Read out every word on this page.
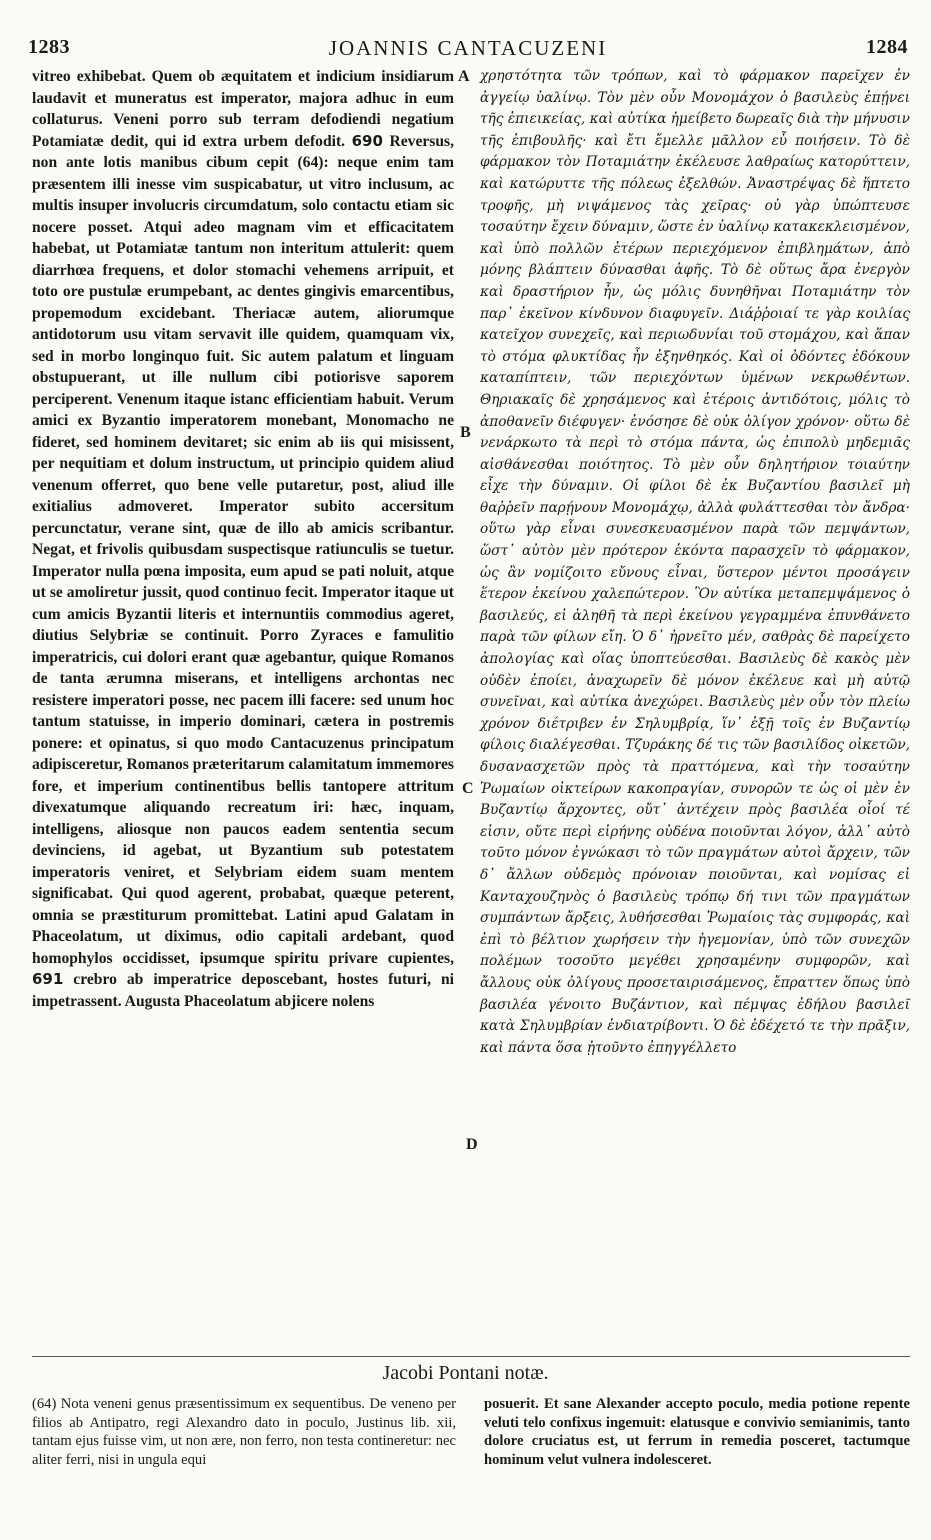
1283	JOANNIS CANTACUZENI	1284
vitreo exhibebat. Quem ob æquitatem et indicium insidiarum laudavit et muneratus est imperator, majora adhuc in eum collaturus. Veneni porro sub terram defodiendi negatium Potamiatæ dedit, qui id extra urbem defodit. 690 Reversus, non ante lotis manibus cibum cepit (64): neque enim tam præsentem illi inesse vim suspicabatur, ut vitro inclusum, ac multis insuper involucris circumdatum, solo contactu etiam sic nocere posset. Atqui adeo magnam vim et efficacitatem habebat, ut Potamiatæ tantum non interitum attulerit: quem diarrhœa frequens, et dolor stomachi vehemens arripuit, et toto ore pustulæ erumpebant, ac dentes gingivis emarcentibus, propemodum excidebant. Theriacæ autem, aliorumque antidotorum usu vitam servavit ille quidem, quamquam vix, sed in morbo longinquo fuit. Sic autem palatum et linguam obstupuerant, ut ille nullum cibi potiorisve saporem perciperent. Venenum itaque istanc efficientiam habuit. Verum amici ex Byzantio imperatorem monebant, Monomacho ne fideret, sed hominem devitaret; sic enim ab iis qui misissent, per nequitiam et dolum instructum, ut principio quidem aliud venenum offerret, quo bene velle putaretur, post, aliud ille exitialius admoveret. Imperator subito accersitum percunctatur, verane sint, quæ de illo ab amicis scribantur. Negat, et frivolis quibusdam suspectisque ratiunculis se tuetur. Imperator nulla pœna imposita, eum apud se pati noluit, atque ut se amoliretur jussit, quod continuo fecit. Imperator itaque ut cum amicis Byzantii literis et internuntiis commodius ageret, diutius Selybriæ se continuit. Porro Zyraces e famulitio imperatricis, cui dolori erant quæ agebantur, quique Romanos de tanta ærumna miserans, et intelligens archontas nec resistere imperatori posse, nec pacem illi facere: sed unum hoc tantum statuisse, in imperio dominari, cætera in postremis ponere: et opinatus, si quo modo Cantacuzenus principatum adipisceretur, Romanos præteritarum calamitatum immemores fore, et imperium continentibus bellis tantopere attritum divexatumque aliquando recreatum iri: hæc, inquam, intelligens, aliosque non paucos eadem sententia secum devinciens, id agebat, ut Byzantium sub potestatem imperatoris veniret, et Selybriam eidem suam mentem significabat. Qui quod agerent, probabat, quæque peterent, omnia se præstiturum promittebat. Latini apud Galatam in Phaceolatum, ut diximus, odio capitali ardebant, quod homophylos occidisset, ipsumque spiritu privare cupientes, 691 crebro ab imperatrice deposcebant, hostes futuri, ni impetrassent. Augusta Phaceolatum abjicere nolens
A
B
C
D
χρηστότητα τῶν τρόπων, καὶ τὸ φάρμακον παρεῖχεν ἐν ἀγγείῳ ὑαλίνῳ. Τὸν μὲν οὖν Μονομάχον ὁ βασιλεὺς ἐπῄνει τῆς ἐπιεικείας, καὶ αὐτίκα ἠμείβετο δωρεαῖς διὰ τὴν μήνυσιν τῆς ἐπιβουλῆς· καὶ ἔτι ἔμελλε μᾶλλον εὖ ποιήσειν. Τὸ δὲ φάρμακον τὸν Ποταμιάτην ἐκέλευσε λαθραίως κατορύττειν, καὶ κατώρυττε τῆς πόλεως ἐξελθών. Ἀναστρέψας δὲ ἥπτετο τροφῆς, μὴ νιψάμενος τὰς χεῖρας· οὐ γὰρ ὑπώπτευσε τοσαύτην ἔχειν δύναμιν, ὥστε ἐν ὑαλίνῳ κατακεκλεισμένον, καὶ ὑπὸ πολλῶν ἑτέρων περιεχόμενον ἐπιβλημάτων, ἀπὸ μόνης βλάπτειν δύνασθαι ἁφῆς. Τὸ δὲ οὕτως ἄρα ἐνεργὸν καὶ δραστήριον ἦν, ὡς μόλις δυνηθῆναι Ποταμιάτην τὸν παρ᾽ ἐκεῖνον κίνδυνον διαφυγεῖν. Διάῤῥοιαί τε γὰρ κοιλίας κατεῖχον συνεχεῖς, καὶ περιωδυνίαι τοῦ στομάχου, καὶ ἅπαν τὸ στόμα φλυκτίδας ἦν ἐξηνθηκός. Καὶ οἱ ὀδόντες ἐδόκουν καταπίπτειν, τῶν περιεχόντων ὑμένων νεκρωθέντων. Θηριακαῖς δὲ χρησάμενος καὶ ἑτέροις ἀντιδότοις, μόλις τὸ ἀποθανεῖν διέφυγεν· ἐνόσησε δὲ οὐκ ὀλίγον χρόνον· οὕτω δὲ νενάρκωτο τὰ περὶ τὸ στόμα πάντα, ὡς ἐπιπολὺ μηδεμιᾶς αἰσθάνεσθαι ποιότητος. Τὸ μὲν οὖν δηλητήριον τοιαύτην εἶχε τὴν δύναμιν. Οἱ φίλοι δὲ ἐκ Βυζαντίου βασιλεῖ μὴ θαῤῥεῖν παρῄνουν Μονομάχῳ, ἀλλὰ φυλάττεσθαι τὸν ἄνδρα· οὕτω γὰρ εἶναι συνεσκευασμένον παρὰ τῶν πεμψάντων, ὥστ᾽ αὐτὸν μὲν πρότερον ἑκόντα παρασχεῖν τὸ φάρμακον, ὡς ἂν νομίζοιτο εὔνους εἶναι, ὕστερον μέντοι προσάγειν ἕτερον ἐκείνου χαλεπώτερον. Ὃν αὐτίκα μεταπεμψάμενος ὁ βασιλεύς, εἰ ἀληθῆ τὰ περὶ ἐκείνου γεγραμμένα ἐπυνθάνετο παρὰ τῶν φίλων εἴη. Ὁ δ᾽ ἠρνεῖτο μέν, σαθρὰς δὲ παρείχετο ἀπολογίας καὶ οἵας ὑποπτεύεσθαι. Βασιλεὺς δὲ κακὸς μὲν οὐδὲν ἐποίει, ἀναχωρεῖν δὲ μόνον ἐκέλευε καὶ μὴ αὐτῷ συνεῖναι, καὶ αὐτίκα ἀνεχώρει. Βασιλεὺς μὲν οὖν τὸν πλείω χρόνον διέτριβεν ἐν Σηλυμβρίᾳ, ἵν᾽ ἐξῇ τοῖς ἐν Βυζαντίῳ φίλοις διαλέγεσθαι. Τζυράκης δέ τις τῶν βασιλίδος οἰκετῶν, δυσανασχετῶν πρὸς τὰ πραττόμενα, καὶ τὴν τοσαύτην Ῥωμαίων οἰκτείρων κακοπραγίαν, συνορῶν τε ὡς οἱ μὲν ἐν Βυζαντίῳ ἄρχοντες, οὔτ᾽ ἀντέχειν πρὸς βασιλέα οἷοί τέ εἰσιν, οὔτε περὶ εἰρήνης οὐδένα ποιοῦνται λόγον, ἀλλ᾽ αὐτὸ τοῦτο μόνον ἐγνώκασι τὸ τῶν πραγμάτων αὐτοὶ ἄρχειν, τῶν δ᾽ ἄλλων οὐδεμὸς πρόνοιαν ποιοῦνται, καὶ νομίσας εἰ Κανταχουζηνὸς ὁ βασιλεὺς τρόπῳ δή τινι τῶν πραγμάτων συμπάντων ἄρξεις, λυθήσεσθαι Ῥωμαίοις τὰς συμφοράς, καὶ ἐπὶ τὸ βέλτιον χωρήσειν τὴν ἡγεμονίαν, ὑπὸ τῶν συνεχῶν πολέμων τοσοῦτο μεγέθει χρησαμένην συμφορῶν, καὶ ἄλλους οὐκ ὀλίγους προσεταιρισάμενος, ἔπραττεν ὅπως ὑπὸ βασιλέα γένοιτο Βυζάντιον, καὶ πέμψας ἐδήλου βασιλεῖ κατὰ Σηλυμβρίαν ἐνδιατρίβοντι. Ὁ δὲ ἐδέχετό τε τὴν πρᾶξιν, καὶ πάντα ὅσα ᾐτοῦντο ἐπηγγέλλετο
Jacobi Pontani notæ.
(64) Nota veneni genus præsentissimum ex sequentibus. De veneno per filios ab Antipatro, regi Alexandro dato in poculo, Justinus lib. xii, tantam ejus fuisse vim, ut non ære, non ferro, non testa contineretur: nec aliter ferri, nisi in ungula equi
posuerit. Et sane Alexander accepto poculo, media potione repente veluti telo confixus ingemuit: elatusque e convivio semianimis, tanto dolore cruciatus est, ut ferrum in remedia posceret, tactumque hominum velut vulnera indolesceret.
